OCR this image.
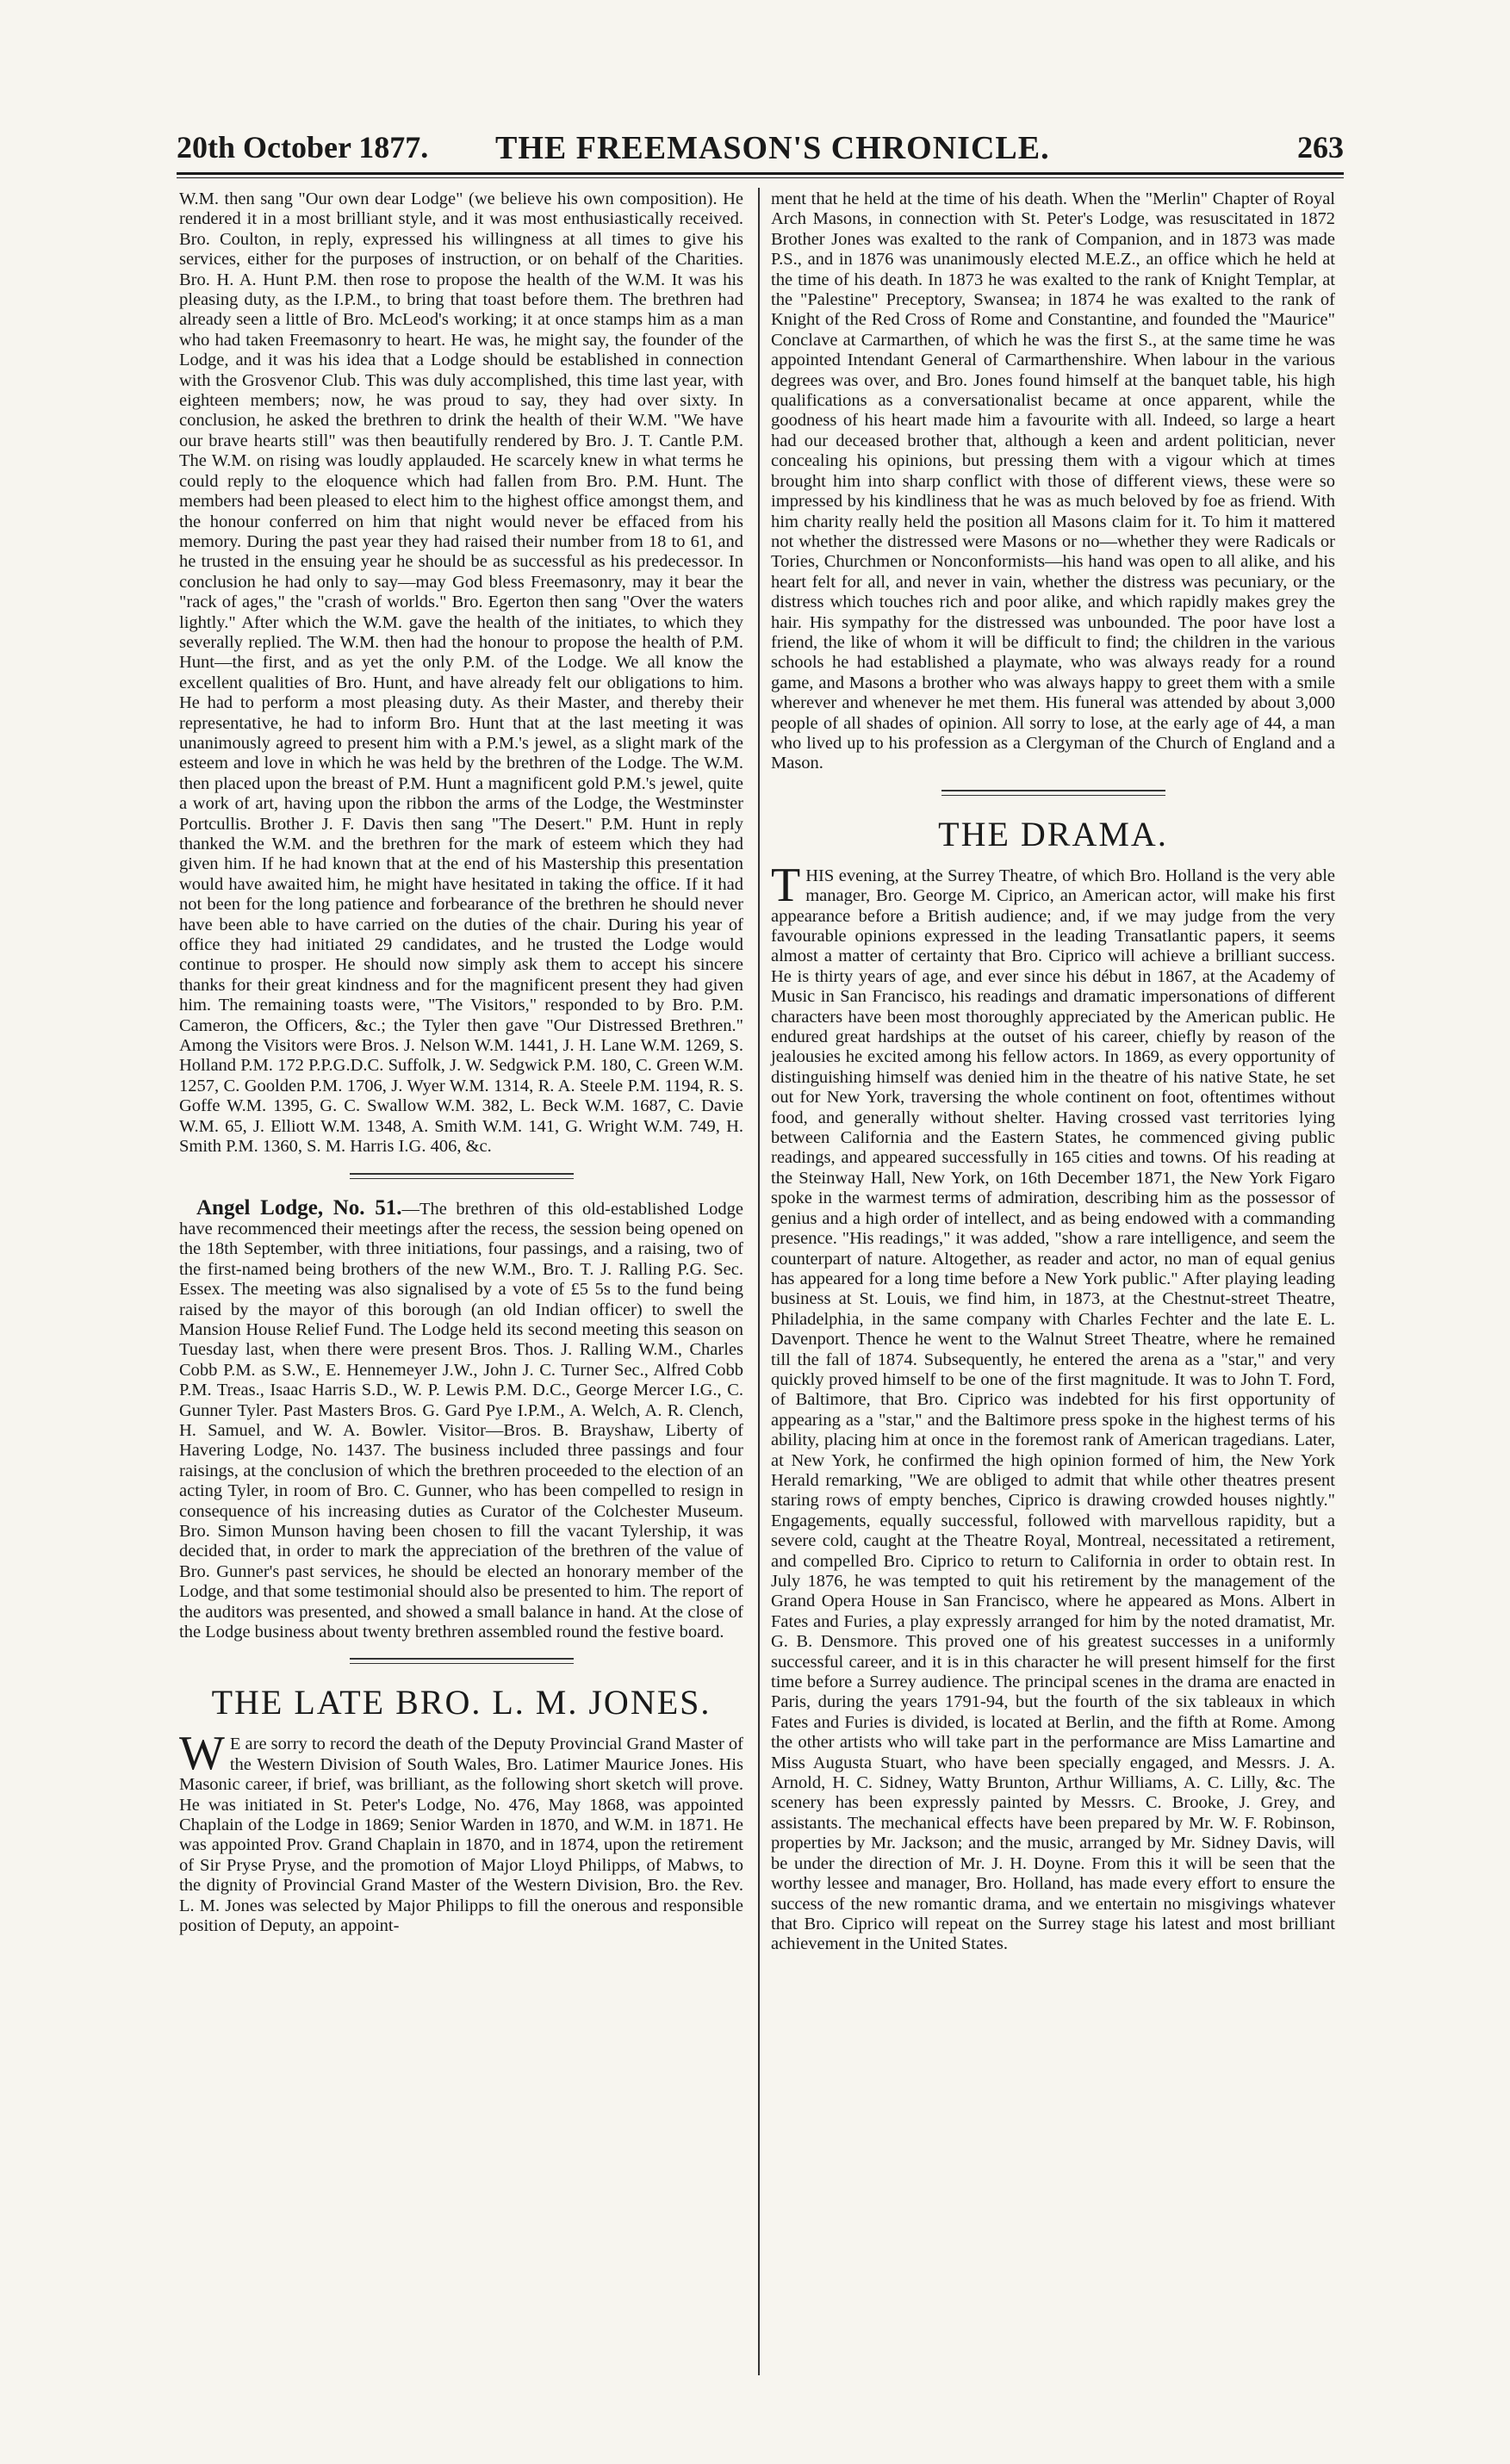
20th October 1877. THE FREEMASON'S CHRONICLE.	263

W.M. then sang "Our own dear Lodge" (we believe his own composition). He rendered it in a most brilliant style, and it was most enthusiastically received. Bro. Coulton, in reply, expressed his willingness at all times to give his services, either for the purposes of instruction, or on behalf of the Charities. Bro. H. A. Hunt P.M. then rose to propose the health of the W.M. It was his pleasing duty, as the I.P.M., to bring that toast before them. The brethren had already seen a little of Bro. McLeod's working; it at once stamps him as a man who had taken Freemasonry to heart. He was, he might say, the founder of the Lodge, and it was his idea that a Lodge should be established in connection with the Grosvenor Club. This was duly accomplished, this time last year, with eighteen members; now, he was proud to say, they had over sixty. In conclusion, he asked the brethren to drink the health of their W.M. "We have our brave hearts still" was then beautifully rendered by Bro. J. T. Cantle P.M. The W.M. on rising was loudly applauded. He scarcely knew in what terms he could reply to the eloquence which had fallen from Bro. P.M. Hunt. The members had been pleased to elect him to the highest office amongst them, and the honour conferred on him that night would never be effaced from his memory. During the past year they had raised their number from 18 to 61, and he trusted in the ensuing year he should be as successful as his predecessor. In conclusion he had only to say—may God bless Freemasonry, may it bear the "rack of ages," the "crash of worlds." Bro. Egerton then sang "Over the waters lightly." After which the W.M. gave the health of the initiates, to which they severally replied. The W.M. then had the honour to propose the health of P.M. Hunt—the first, and as yet the only P.M. of the Lodge. We all know the excellent qualities of Bro. Hunt, and have already felt our obligations to him. He had to perform a most pleasing duty. As their Master, and thereby their representative, he had to inform Bro. Hunt that at the last meeting it was unanimously agreed to present him with a P.M.'s jewel, as a slight mark of the esteem and love in which he was held by the brethren of the Lodge. The W.M. then placed upon the breast of P.M. Hunt a magnificent gold P.M.'s jewel, quite a work of art, having upon the ribbon the arms of the Lodge, the Westminster Portcullis. Brother J. F. Davis then sang "The Desert." P.M. Hunt in reply thanked the W.M. and the brethren for the mark of esteem which they had given him. If he had known that at the end of his Mastership this presentation would have awaited him, he might have hesitated in taking the office. If it had not been for the long patience and forbearance of the brethren he should never have been able to have carried on the duties of the chair. During his year of office they had initiated 29 candidates, and he trusted the Lodge would continue to prosper. He should now simply ask them to accept his sincere thanks for their great kindness and for the magnificent present they had given him. The remaining toasts were, "The Visitors," responded to by Bro. P.M. Cameron, the Officers, &c.; the Tyler then gave "Our Distressed Brethren." Among the Visitors were Bros. J. Nelson W.M. 1441, J. H. Lane W.M. 1269, S. Holland P.M. 172 P.P.G.D.C. Suffolk, J. W. Sedgwick P.M. 180, C. Green W.M. 1257, C. Goolden P.M. 1706, J. Wyer W.M. 1314, R. A. Steele P.M. 1194, R. S. Goffe W.M. 1395, G. C. Swallow W.M. 382, L. Beck W.M. 1687, C. Davie W.M. 65, J. Elliott W.M. 1348, A. Smith W.M. 141, G. Wright W.M. 749, H. Smith P.M. 1360, S. M. Harris I.G. 406, &c.

Angel Lodge, No. 51.—The brethren of this old-established Lodge have recommenced their meetings after the recess, the session being opened on the 18th September, with three initiations, four passings, and a raising, two of the first-named being brothers of the new W.M., Bro. T. J. Ralling P.G. Sec. Essex. The meeting was also signalised by a vote of £5 5s to the fund being raised by the mayor of this borough (an old Indian officer) to swell the Mansion House Relief Fund. The Lodge held its second meeting this season on Tuesday last, when there were present Bros. Thos. J. Ralling W.M., Charles Cobb P.M. as S.W., E. Hennemeyer J.W., John J. C. Turner Sec., Alfred Cobb P.M. Treas., Isaac Harris S.D., W. P. Lewis P.M. D.C., George Mercer I.G., C. Gunner Tyler. Past Masters Bros. G. Gard Pye I.P.M., A. Welch, A. R. Clench, H. Samuel, and W. A. Bowler. Visitor—Bros. B. Brayshaw, Liberty of Havering Lodge, No. 1437. The business included three passings and four raisings, at the conclusion of which the brethren proceeded to the election of an acting Tyler, in room of Bro. C. Gunner, who has been compelled to resign in consequence of his increasing duties as Curator of the Colchester Museum. Bro. Simon Munson having been chosen to fill the vacant Tylership, it was decided that, in order to mark the appreciation of the brethren of the value of Bro. Gunner's past services, he should be elected an honorary member of the Lodge, and that some testimonial should also be presented to him. The report of the auditors was presented, and showed a small balance in hand. At the close of the Lodge business about twenty brethren assembled round the festive board.

THE LATE BRO. L. M. JONES.

W E are sorry to record the death of the Deputy Provincial Grand Master of the Western Division of South Wales, Bro. Latimer Maurice Jones. His Masonic career, if brief, was brilliant, as the following short sketch will prove. He was initiated in St. Peter's Lodge, No. 476, May 1868, was appointed Chaplain of the Lodge in 1869; Senior Warden in 1870, and W.M. in 1871. He was appointed Prov. Grand Chaplain in 1870, and in 1874, upon the retirement of Sir Pryse Pryse, and the promotion of Major Lloyd Philipps, of Mabws, to the dignity of Provincial Grand Master of the Western Division, Bro. the Rev. L. M. Jones was selected by Major Philipps to fill the onerous and responsible position of Deputy, an appoint-

ment that he held at the time of his death. When the "Merlin" Chapter of Royal Arch Masons, in connection with St. Peter's Lodge, was resuscitated in 1872 Brother Jones was exalted to the rank of Companion, and in 1873 was made P.S., and in 1876 was unanimously elected M.E.Z., an office which he held at the time of his death. In 1873 he was exalted to the rank of Knight Templar, at the "Palestine" Preceptory, Swansea; in 1874 he was exalted to the rank of Knight of the Red Cross of Rome and Constantine, and founded the "Maurice" Conclave at Carmarthen, of which he was the first S., at the same time he was appointed Intendant General of Carmarthenshire. When labour in the various degrees was over, and Bro. Jones found himself at the banquet table, his high qualifications as a conversationalist became at once apparent, while the goodness of his heart made him a favourite with all. Indeed, so large a heart had our deceased brother that, although a keen and ardent politician, never concealing his opinions, but pressing them with a vigour which at times brought him into sharp conflict with those of different views, these were so impressed by his kindliness that he was as much beloved by foe as friend. With him charity really held the position all Masons claim for it. To him it mattered not whether the distressed were Masons or no—whether they were Radicals or Tories, Churchmen or Nonconformists—his hand was open to all alike, and his heart felt for all, and never in vain, whether the distress was pecuniary, or the distress which touches rich and poor alike, and which rapidly makes grey the hair. His sympathy for the distressed was unbounded. The poor have lost a friend, the like of whom it will be difficult to find; the children in the various schools he had established a playmate, who was always ready for a round game, and Masons a brother who was always happy to greet them with a smile wherever and whenever he met them. His funeral was attended by about 3,000 people of all shades of opinion. All sorry to lose, at the early age of 44, a man who lived up to his profession as a Clergyman of the Church of England and a Mason.

THE DRAMA.

THIS evening, at the Surrey Theatre, of which Bro. Holland is the very able manager, Bro. George M. Ciprico, an American actor, will make his first appearance before a British audience; and, if we may judge from the very favourable opinions expressed in the leading Transatlantic papers, it seems almost a matter of certainty that Bro. Ciprico will achieve a brilliant success. He is thirty years of age, and ever since his début in 1867, at the Academy of Music in San Francisco, his readings and dramatic impersonations of different characters have been most thoroughly appreciated by the American public. He endured great hardships at the outset of his career, chiefly by reason of the jealousies he excited among his fellow actors. In 1869, as every opportunity of distinguishing himself was denied him in the theatre of his native State, he set out for New York, traversing the whole continent on foot, oftentimes without food, and generally without shelter. Having crossed vast territories lying between California and the Eastern States, he commenced giving public readings, and appeared successfully in 165 cities and towns. Of his reading at the Steinway Hall, New York, on 16th December 1871, the New York Figaro spoke in the warmest terms of admiration, describing him as the possessor of genius and a high order of intellect, and as being endowed with a commanding presence. "His readings," it was added, "show a rare intelligence, and seem the counterpart of nature. Altogether, as reader and actor, no man of equal genius has appeared for a long time before a New York public." After playing leading business at St. Louis, we find him, in 1873, at the Chestnut-street Theatre, Philadelphia, in the same company with Charles Fechter and the late E. L. Davenport. Thence he went to the Walnut Street Theatre, where he remained till the fall of 1874. Subsequently, he entered the arena as a "star," and very quickly proved himself to be one of the first magnitude. It was to John T. Ford, of Baltimore, that Bro. Ciprico was indebted for his first opportunity of appearing as a "star," and the Baltimore press spoke in the highest terms of his ability, placing him at once in the foremost rank of American tragedians. Later, at New York, he confirmed the high opinion formed of him, the New York Herald remarking, "We are obliged to admit that while other theatres present staring rows of empty benches, Ciprico is drawing crowded houses nightly." Engagements, equally successful, followed with marvellous rapidity, but a severe cold, caught at the Theatre Royal, Montreal, necessitated a retirement, and compelled Bro. Ciprico to return to California in order to obtain rest. In July 1876, he was tempted to quit his retirement by the management of the Grand Opera House in San Francisco, where he appeared as Mons. Albert in Fates and Furies, a play expressly arranged for him by the noted dramatist, Mr. G. B. Densmore. This proved one of his greatest successes in a uniformly successful career, and it is in this character he will present himself for the first time before a Surrey audience. The principal scenes in the drama are enacted in Paris, during the years 1791-94, but the fourth of the six tableaux in which Fates and Furies is divided, is located at Berlin, and the fifth at Rome. Among the other artists who will take part in the performance are Miss Lamartine and Miss Augusta Stuart, who have been specially engaged, and Messrs. J. A. Arnold, H. C. Sidney, Watty Brunton, Arthur Williams, A. C. Lilly, &c. The scenery has been expressly painted by Messrs. C. Brooke, J. Grey, and assistants. The mechanical effects have been prepared by Mr. W. F. Robinson, properties by Mr. Jackson; and the music, arranged by Mr. Sidney Davis, will be under the direction of Mr. J. H. Doyne. From this it will be seen that the worthy lessee and manager, Bro. Holland, has made every effort to ensure the success of the new romantic drama, and we entertain no misgivings whatever that Bro. Ciprico will repeat on the Surrey stage his latest and most brilliant achievement in the United States.
